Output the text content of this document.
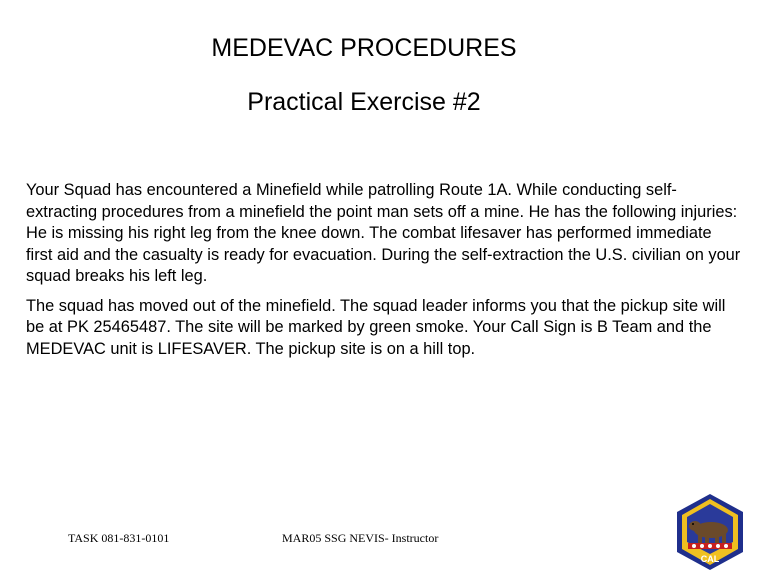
MEDEVAC PROCEDURES
Practical Exercise #2

Your Squad has encountered a Minefield while patrolling Route 1A. While conducting self-extracting procedures from a minefield the point man sets off a mine. He has the following injuries: He is missing his right leg from the knee down. The combat lifesaver has performed immediate first aid and the casualty is ready for evacuation. During the self-extraction the U.S. civilian on your squad breaks his left leg.

The squad has moved out of the minefield. The squad leader informs you that the pickup site will be at PK 25465487. The site will be marked by green smoke. Your Call Sign is B Team and the MEDEVAC unit is LIFESAVER. The pickup site is on a hill top.

TASK 081-831-0101	MAR05 SSG NEVIS- Instructor
CAL
